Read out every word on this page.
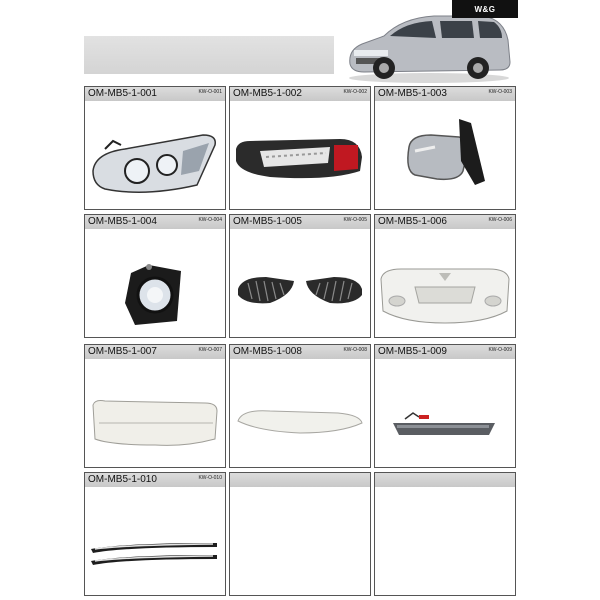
W&G
OM-MB5-1-001	KW-O-001 OM-MB5-1-002	KW-O-002 OM-MB5-1-003	KW-O-003
OM-MB5-1-004	KW-O-004 OM-MB5-1-005	KW-O-005 OM-MB5-1-006	KW-O-006
OM-MB5-1-007	KW-O-007 OM-MB5-1-008	KW-O-008 OM-MB5-1-009	KW-O-009
OM-MB5-1-010	KW-O-010
